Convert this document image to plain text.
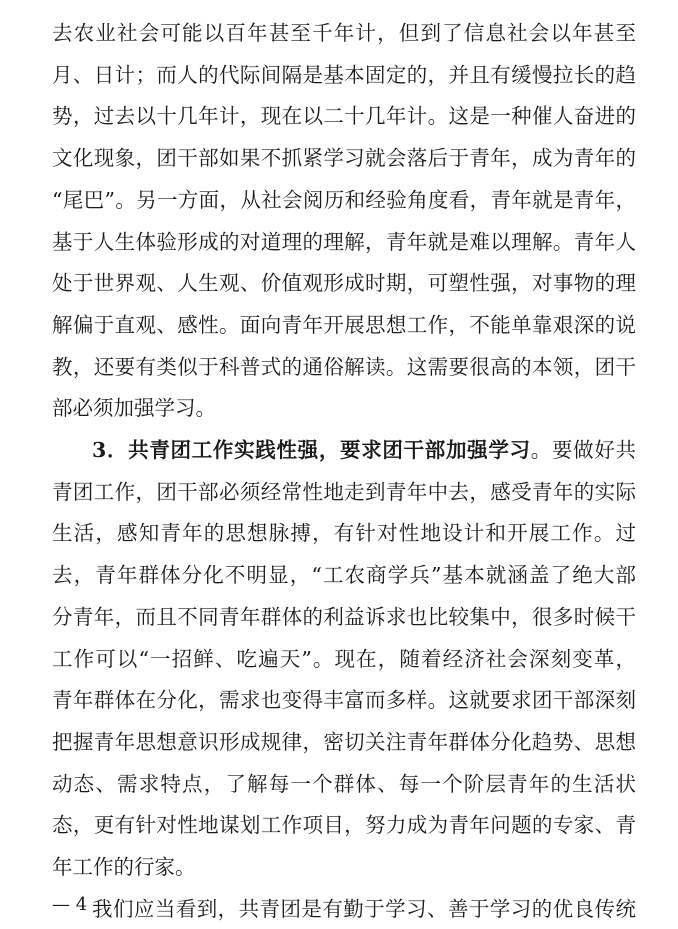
去农业社会可能以百年甚至千年计，但到了信息社会以年甚至
月、日计；而人的代际间隔是基本固定的，并且有缓慢拉长的趋
势，过去以十几年计，现在以二十几年计。这是一种催人奋进的
文化现象，团干部如果不抓紧学习就会落后于青年，成为青年的
“尾巴”。另一方面，从社会阅历和经验角度看，青年就是青年，
基于人生体验形成的对道理的理解，青年就是难以理解。青年人
处于世界观、人生观、价值观形成时期，可塑性强，对事物的理
解偏于直观、感性。面向青年开展思想工作，不能单靠艰深的说
教，还要有类似于科普式的通俗解读。这需要很高的本领，团干
部必须加强学习。
3．共青团工作实践性强，要求团干部加强学习。要做好共
青团工作，团干部必须经常性地走到青年中去，感受青年的实际
生活，感知青年的思想脉搏，有针对性地设计和开展工作。过
去，青年群体分化不明显，“工农商学兵”基本就涵盖了绝大部
分青年，而且不同青年群体的利益诉求也比较集中，很多时候干
工作可以“一招鲜、吃遍天”。现在，随着经济社会深刻变革，
青年群体在分化，需求也变得丰富而多样。这就要求团干部深刻
把握青年思想意识形成规律，密切关注青年群体分化趋势、思想
动态、需求特点，了解每一个群体、每一个阶层青年的生活状
态，更有针对性地谋划工作项目，努力成为青年问题的专家、青
— 4 —
年工作的行家。
我们应当看到，共青团是有勤于学习、善于学习的优良传统
